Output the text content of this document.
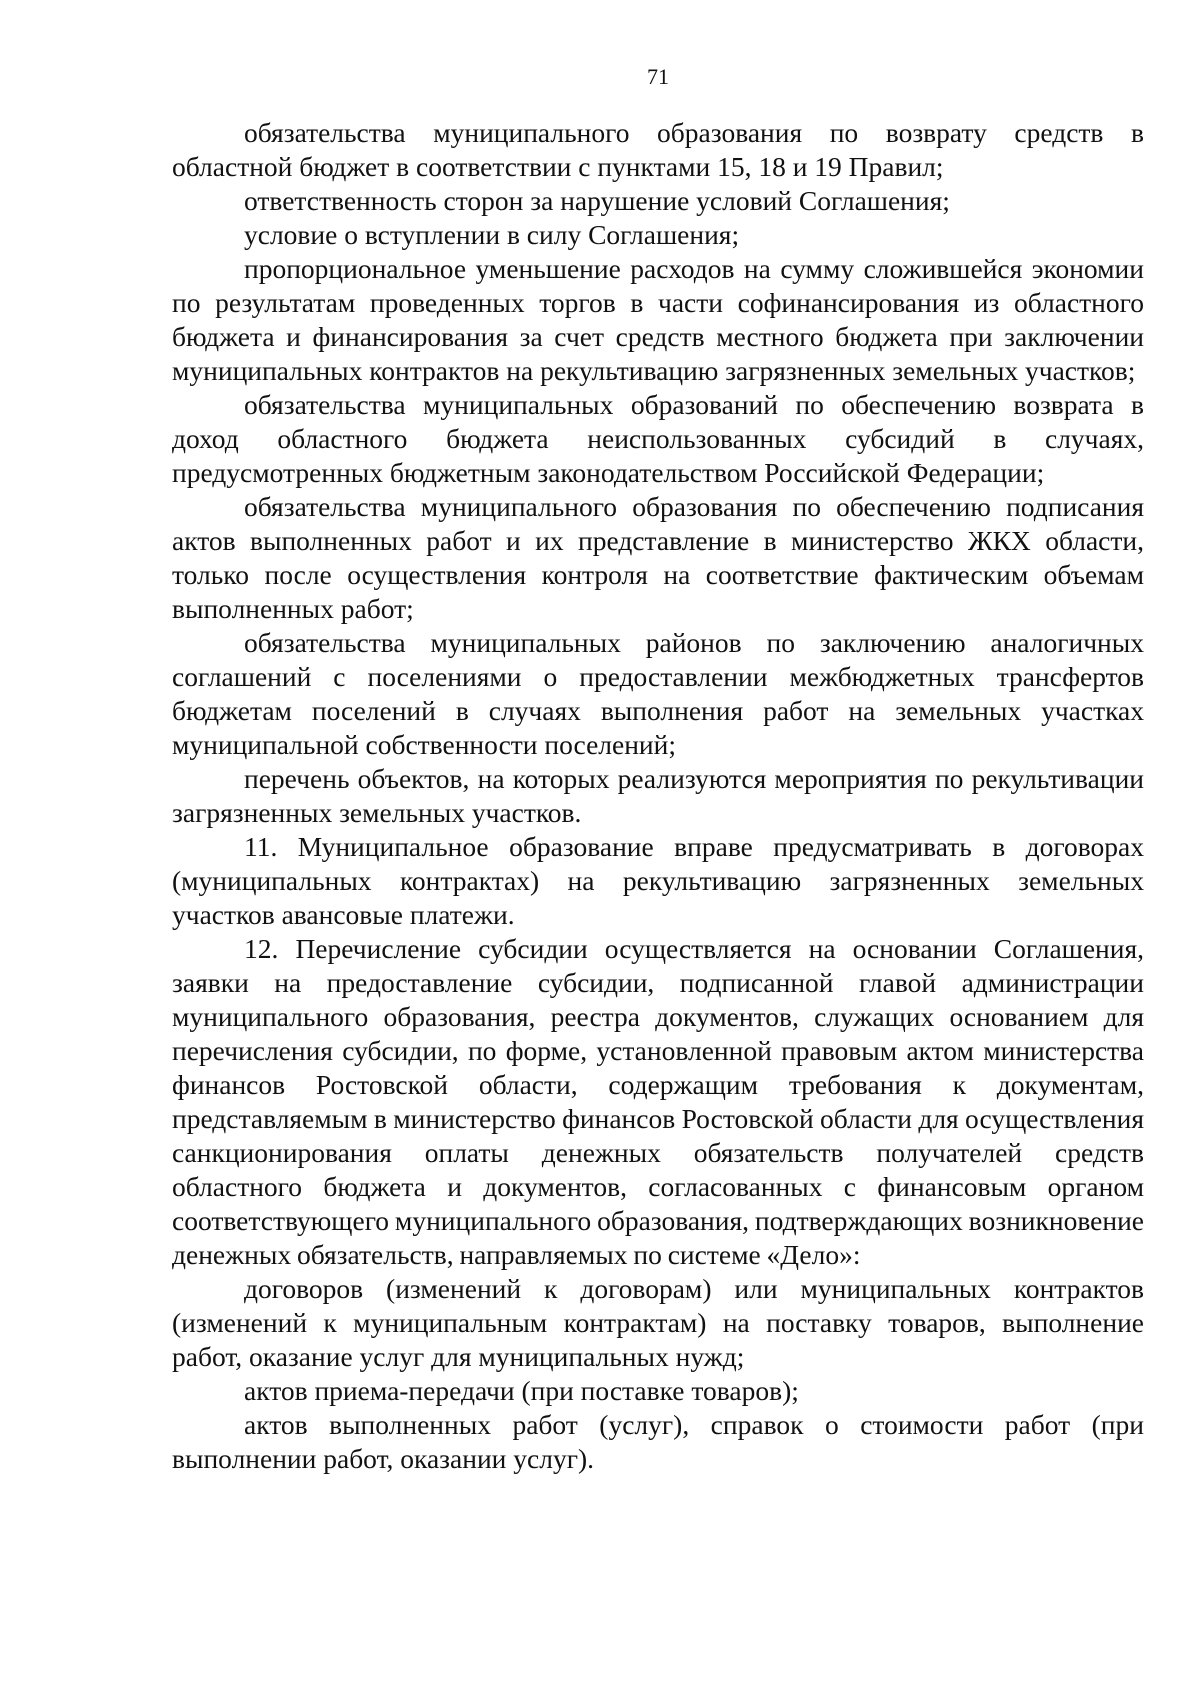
71

обязательства муниципального образования по возврату средств в областной бюджет в соответствии с пунктами 15, 18 и 19 Правил;

ответственность сторон за нарушение условий Соглашения;

условие о вступлении в силу Соглашения;

пропорциональное уменьшение расходов на сумму сложившейся экономии по результатам проведенных торгов в части софинансирования из областного бюджета и финансирования за счет средств местного бюджета при заключении муниципальных контрактов на рекультивацию загрязненных земельных участков;

обязательства муниципальных образований по обеспечению возврата в доход областного бюджета неиспользованных субсидий в случаях, предусмотренных бюджетным законодательством Российской Федерации;

обязательства муниципального образования по обеспечению подписания актов выполненных работ и их представление в министерство ЖКХ области, только после осуществления контроля на соответствие фактическим объемам выполненных работ;

обязательства муниципальных районов по заключению аналогичных соглашений с поселениями о предоставлении межбюджетных трансфертов бюджетам поселений в случаях выполнения работ на земельных участках муниципальной собственности поселений;

перечень объектов, на которых реализуются мероприятия по рекультивации загрязненных земельных участков.

11. Муниципальное образование вправе предусматривать в договорах (муниципальных контрактах) на рекультивацию загрязненных земельных участков авансовые платежи.

12. Перечисление субсидии осуществляется на основании Соглашения, заявки на предоставление субсидии, подписанной главой администрации муниципального образования, реестра документов, служащих основанием для перечисления субсидии, по форме, установленной правовым актом министерства финансов Ростовской области, содержащим требования к документам, представляемым в министерство финансов Ростовской области для осуществления санкционирования оплаты денежных обязательств получателей средств областного бюджета и документов, согласованных с финансовым органом соответствующего муниципального образования, подтверждающих возникновение денежных обязательств, направляемых по системе «Дело»:

договоров (изменений к договорам) или муниципальных контрактов (изменений к муниципальным контрактам) на поставку товаров, выполнение работ, оказание услуг для муниципальных нужд;

актов приема-передачи (при поставке товаров);

актов выполненных работ (услуг), справок о стоимости работ (при выполнении работ, оказании услуг).
